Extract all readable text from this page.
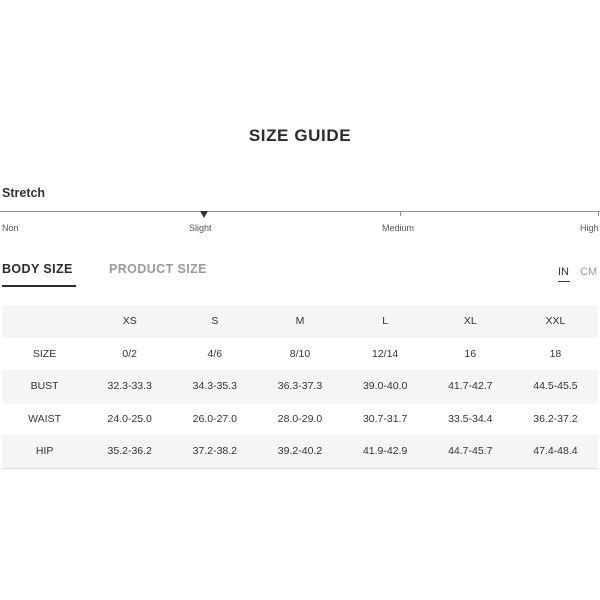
SIZE GUIDE
Stretch
Non	Slight	Medium	High
BODY SIZE	PRODUCT SIZE	IN CM
	XS	S	M	L	XL	XXL
SIZE	0/2	4/6	8/10	12/14	16	18
BUST	32.3-33.3	34.3-35.3	36.3-37.3	39.0-40.0	41.7-42.7	44.5-45.5
WAIST	24.0-25.0	26.0-27.0	28.0-29.0	30.7-31.7	33.5-34.4	36.2-37.2
HIP	35.2-36.2	37.2-38.2	39.2-40.2	41.9-42.9	44.7-45.7	47.4-48.4
